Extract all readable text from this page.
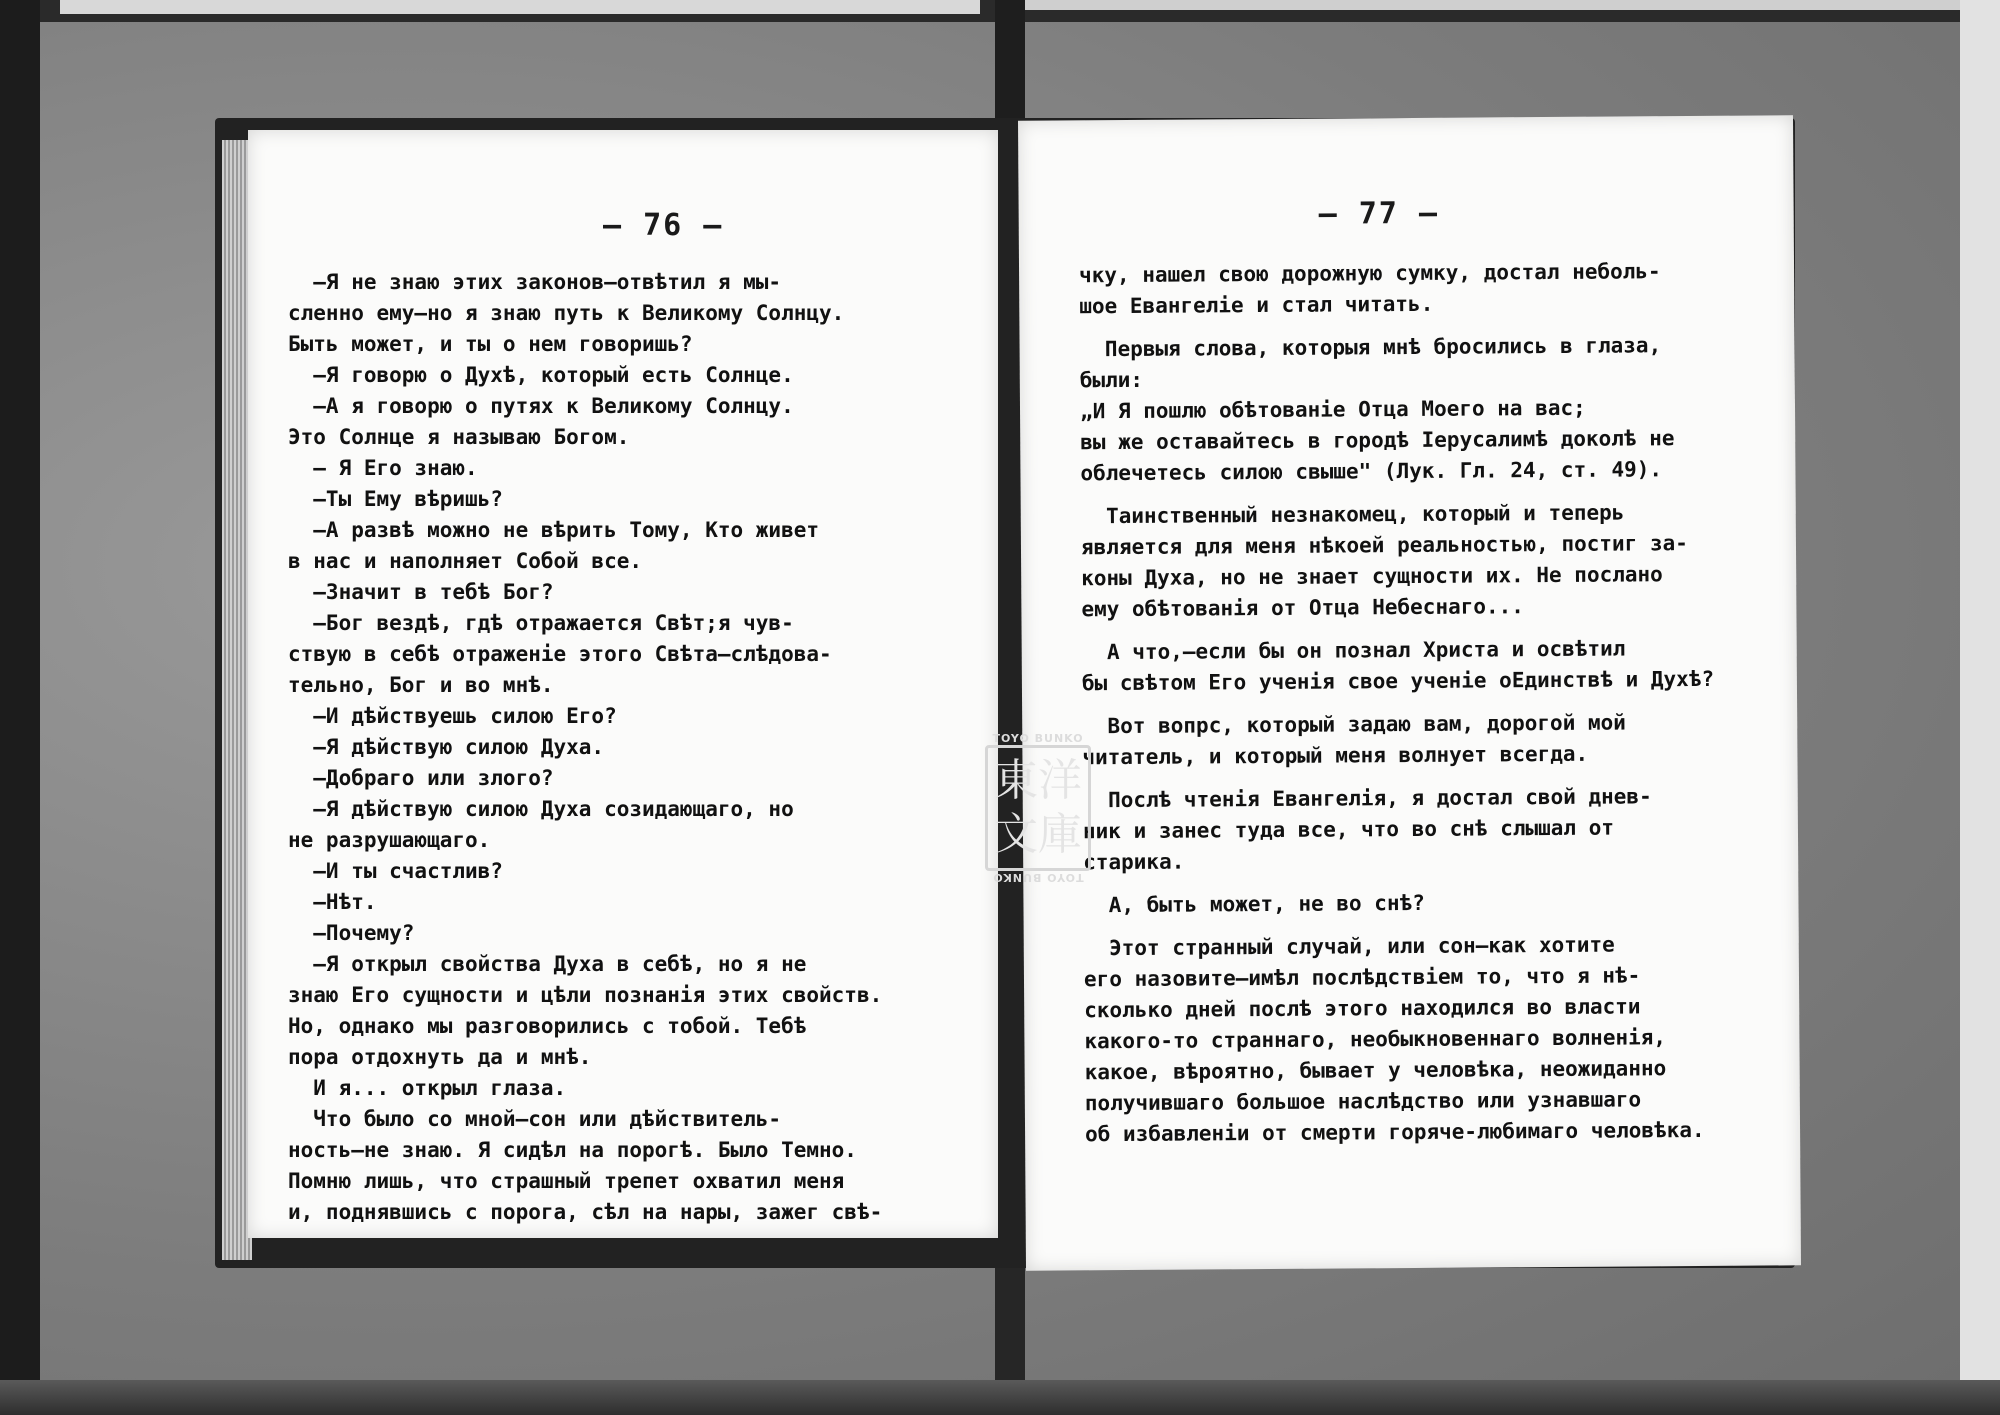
— 76 —
—Я не знаю этих законов—отвѣтил я мы-
сленно ему—но я знаю путь к Великому Солнцу.
Быть может, и ты о нем говоришь?
—Я говорю о Духѣ, который есть Солнце.
—А я говорю о путях к Великому Солнцу.
Это Солнце я называю Богом.
— Я Его знаю.
—Ты Ему вѣришь?
—А развѣ можно не вѣрить Тому, Кто живет
в нас и наполняет Собой все.
—Значит в тебѣ Бог?
—Бог вездѣ, гдѣ отражается Свѣт;я чув-
ствую в себѣ отраженіе этого Свѣта—слѣдова-
тельно, Бог и во мнѣ.
—И дѣйствуешь силою Его?
—Я дѣйствую силою Духа.
—Добраго или злого?
—Я дѣйствую силою Духа созидающаго, но
не разрушающаго.
—И ты счастлив?
—Нѣт.
—Почему?
—Я открыл свойства Духа в себѣ, но я не
знаю Его сущности и цѣли познанія этих свойств.
Но, однако мы разговорились с тобой. Тебѣ
пора отдохнуть да и мнѣ.
И я... открыл глаза.
Что было со мной—сон или дѣйствитель-
ность—не знаю. Я сидѣл на порогѣ. Было Темно.
Помню лишь, что страшный трепет охватил меня
и, поднявшись с порога, сѣл на нары, зажег свѣ-
— 77 —
чку, нашел свою дорожную сумку, достал неболь-
шое Евангеліе и стал читать.

Первыя слова, которыя мнѣ бросились в глаза,
были:
„И Я пошлю обѣтованіе Отца Моего на вас;
вы же оставайтесь в городѣ Іерусалимѣ доколѣ не
облечетесь силою свыше" (Лук. Гл. 24, ст. 49).

Таинственный незнакомец, который и теперь
является для меня нѣкоей реальностью, постиг за-
коны Духа, но не знает сущности их. Не послано
ему обѣтованія от Отца Небеснаго...

А что,—если бы он познал Христа и освѣтил
бы свѣтом Его ученія свое ученіе оЕдинствѣ и Духѣ?

Вот вопрс, который задаю вам, дорогой мой
читатель, и который меня волнует всегда.

Послѣ чтенія Евангелія, я достал свой днев-
ник и занес туда все, что во снѣ слышал от
старика.

А, быть может, не во снѣ?

Этот странный случай, или сон—как хотите
его назовите—имѣл послѣдствіем то, что я нѣ-
сколько дней послѣ этого находился во власти
какого-то страннаго, необыкновеннаго волненія,
какое, вѣроятно, бывает у человѣка, неожиданно
получившаго большое наслѣдство или узнавшаго
об избавленіи от смерти горяче-любимаго человѣка.
TOYO BUNKO
東洋文庫
TOYO BUNKO
